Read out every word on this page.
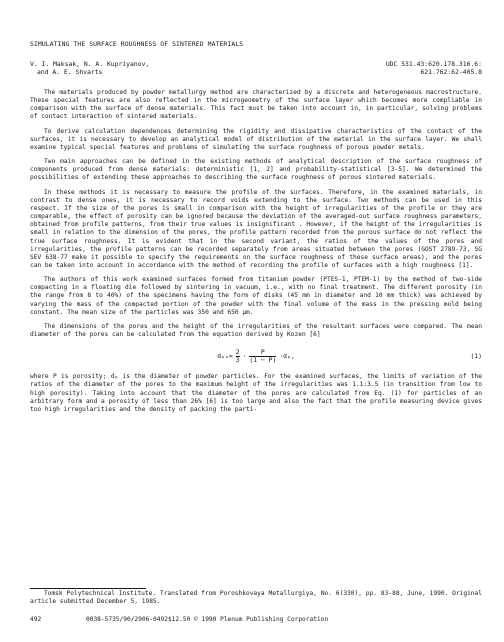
SIMULATING THE SURFACE ROUGHNESS OF SINTERED MATERIALS
V. I. Maksak, N. A. Kupriyanov,
and A. E. Shvarts
UDC 531.43:620.178.316.6:
621.762:62-405.8

The materials produced by powder metallurgy method are characterized by a discrete and heterogeneous macrostructure. These special features are also reflected in the microgeometry of the surface layer which becomes more compliable in comparison with the surface of dense materials. This fact must be taken into account in, in particular, solving problems of contact interaction of sintered materials.

To derive calculation dependences determining the rigidity and dissipative characteristics of the contact of the surfaces, it is necessary to develop an analytical model of distribution of the material in the surface layer. We shall examine typical special features and problems of simulating the surface roughness of porous powder metals.

Two main approaches can be defined in the existing methods of analytical description of the surface roughness of components produced from dense materials: deterministic [1, 2] and probability-statistical [3-5]. We determined the possibilities of extending these approaches to describing the surface roughness of porous sintered materials.

In these methods it is necessary to measure the profile of the surfaces. Therefore, in the examined materials, in contrast to dense ones, it is necessary to record voids extending to the surface. Two methods can be used in this respect. If the size of the pores is small in comparison with the height of irregularities of the profile or they are comparable, the effect of porosity can be ignored because the deviation of the averaged-out surface roughness parameters, obtained from profile patterns, from their true values is insignificant . However, if the height of the irregularities is small in relation to the dimension of the pores, the profile pattern recorded from the porous surface do not reflect the true surface roughness. It is evident that in the second variant, the ratios of the values of the pores and irregularities, the profile patterns can be recorded separately from areas situated between the pores (GOST 2789-73, SG SEV 638-77 make it possible to specify the requirements on the surface roughness of these surface areas), and the pores can be taken into account in accordance with the method of recording the profile of surfaces with a high roughness [1].

The authors of this work examined surfaces formed from titanium powder (PTES-1, PTEM-1) by the method of two-side compacting in a floating die followed by sintering in vacuum, i.e., with no final treatment. The different porosity (in the range from 8 to 40%) of the specimens having the form of disks (45 mm in diameter and 10 mm thick) was achieved by varying the mass of the compacted portion of the powder with the final volume of the mass in the pressing mold being constant. The mean size of the particles was 350 and 650 μm.

The dimensions of the pores and the height of the irregularities of the resultant surfaces were compared. The mean diameter of the pores can be calculated from the equation derived by Kozen [6]

$d_{po}= \frac{2}{3} \cdot \frac{P}{(1 - P)} \cdot d_p$,	(1)

where P is porosity; dₚ is the diameter of powder particles. For the examined surfaces, the limits of variation of the ratios of the diameter of the pores to the maximum height of the irregularities was 1.1:3.5 (in transition from low to high porosity). Taking into account that the diameter of the pores are calculated from Eq. (1) for particles of an arbitrary form and a porosity of less than 26% [6] is too large and also the fact that the profile measuring device gives too high irregularities and the density of packing the parti-

Tomsk Polytechnical Institute. Translated from Poroshkovaya Metallurgiya, No. 6(330), pp. 83-88, June, 1990. Original article submitted December 5, 1985.
492	0038-5735/90/2906-0492$12.50 © 1990 Plenum Publishing Corporation
